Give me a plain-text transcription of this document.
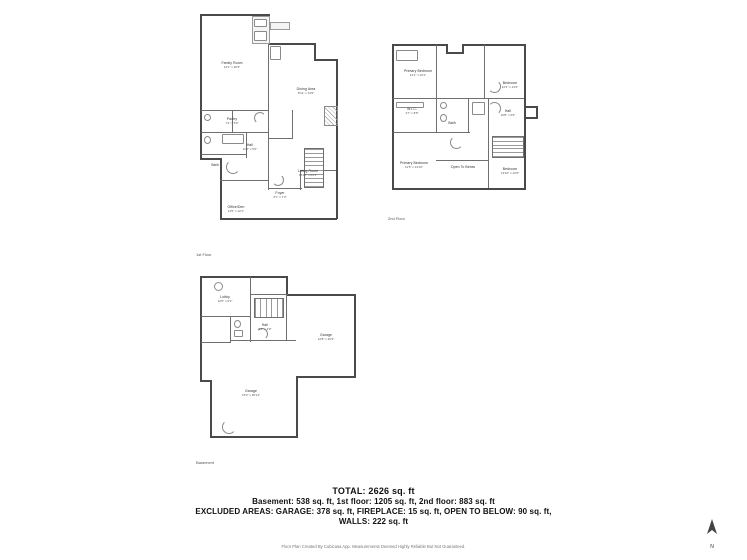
Family Room
12'2" x 20'3"
Dining Area
8'11" x 14'9"
Living Room
15'10" x 24'1"
Foyer
6'7" x 7'3"
Office/Den
11'5" x 12'1"
Hall
11'4" x 5'0"
Bath
Pantry
7'4" x 5'9"
1st Floor
Primary Bedroom
13'1" x 19'1"
Bedroom
12'4" x 13'3"
Bedroom
13'10" x 12'5"
Primary Bedroom
11'5" x 14'10"	Open To Below
Hall
10'8" x 6'5"
W.I.C.
4'7" x 8'5"
Bath
2nd Floor
Lobby
12'5" x 6'3"
Hall
9'1" x 4'9"
Garage
12'8" x 26'3"
Garage
15'2" x 26'14"
Basement
TOTAL: 2626 sq. ft
Basement: 538 sq. ft, 1st floor: 1205 sq. ft, 2nd floor: 883 sq. ft
EXCLUDED AREAS: GARAGE: 378 sq. ft, FIREPLACE: 15 sq. ft, OPEN TO BELOW: 90 sq. ft,
WALLS: 222 sq. ft
Floor Plan Created By Cubicasa App. Measurements Deemed Highly Reliable But Not Guaranteed.	N
